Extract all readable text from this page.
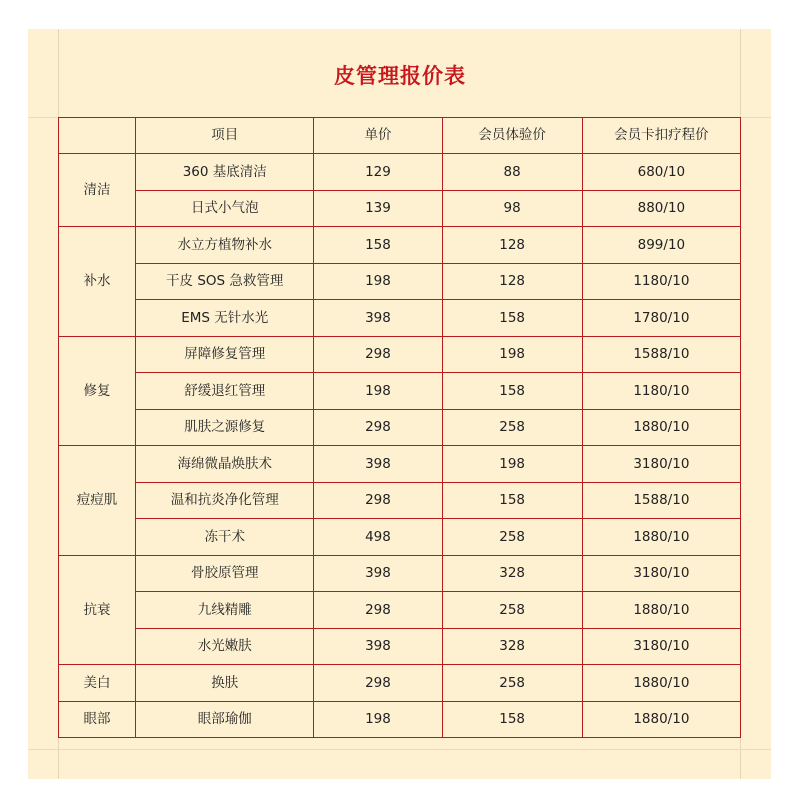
皮管理报价表
	项目	单价	会员体验价	会员卡扣疗程价
清洁	360 基底清洁	129	88	680/10
	日式小气泡	139	98	880/10
补水	水立方植物补水	158	128	899/10
	干皮 SOS 急救管理	198	128	1180/10
	EMS 无针水光	398	158	1780/10
修复	屏障修复管理	298	198	1588/10
	舒缓退红管理	198	158	1180/10
	肌肤之源修复	298	258	1880/10
痘痘肌	海绵微晶焕肤术	398	198	3180/10
	温和抗炎净化管理	298	158	1588/10
	冻干术	498	258	1880/10
抗衰	骨胶原管理	398	328	3180/10
	九线精雕	298	258	1880/10
	水光嫩肤	398	328	3180/10
美白	换肤	298	258	1880/10
眼部	眼部瑜伽	198	158	1880/10
